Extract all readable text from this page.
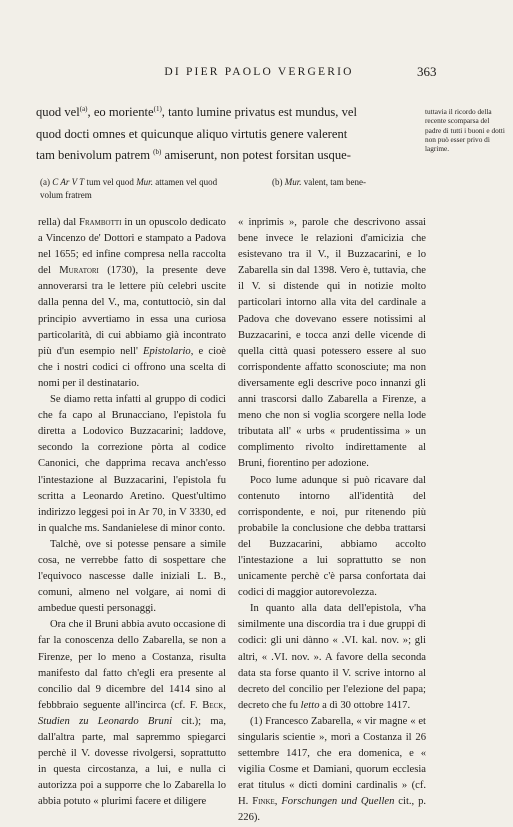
DI PIER PAOLO VERGERIO	363

quod vel$^{(a)}$, eo moriente$^{(1)}$, tanto lumine privatus est mundus, vel

quod docti omnes et quicunque aliquo virtutis genere valerent

tam benivolum patrem $^{(b)}$ amiserunt, non potest forsitan usque-

tuttavia il ricordo della recente scomparsa del padre di tutti i buoni e dotti non può esser privo di lagrime.
(a) C Ar V T tum vel quod Mur. attamen vel quod
volum fratrem
(b) Mur. valent, tam bene-

rella) dal Frambotti in un opuscolo dedicato a Vincenzo de' Dottori e stampato a Padova nel 1655; ed infine compresa nella raccolta del Muratori (1730), la presente deve annoverarsi tra le lettere più celebri uscite dalla penna del V., ma, contuttociò, sin dal principio avvertiamo in essa una curiosa particolarità, di cui abbiamo già incontrato più d'un esempio nell' Epistolario, e cioè che i nostri codici ci offrono una scelta di nomi per il destinatario.

Se diamo retta infatti al gruppo di codici che fa capo al Brunacciano, l'epistola fu diretta a Lodovico Buzzacarini; laddove, secondo la correzione pòrta al codice Canonici, che dapprima recava anch'esso l'intestazione al Buzzacarini, l'epistola fu scritta a Leonardo Aretino. Quest'ultimo indirizzo leggesi poi in Ar 70, in V 3330, ed in qualche ms. Sandanielese di minor conto.

Talchè, ove si potesse pensare a simile cosa, ne verrebbe fatto di sospettare che l'equivoco nascesse dalle iniziali L. B., comuni, almeno nel volgare, ai nomi di ambedue questi personaggi.

Ora che il Bruni abbia avuto occasione di far la conoscenza dello Zabarella, se non a Firenze, per lo meno a Costanza, risulta manifesto dal fatto ch'egli era presente al concilio dal 9 dicembre del 1414 sino al febbbraio seguente all'incirca (cf. F. Beck, Studien zu Leonardo Bruni cit.); ma, dall'altra parte, mal sapremmo spiegarci perchè il V. dovesse rivolgersi, soprattutto in questa circostanza, a lui, e nulla ci autorizza poi a supporre che lo Zabarella lo abbia potuto « plurimi facere et diligere

« inprimis », parole che descrivono assai bene invece le relazioni d'amicizia che esistevano tra il V., il Buzzacarini, e lo Zabarella sin dal 1398. Vero è, tuttavia, che il V. si distende qui in notizie molto particolari intorno alla vita del cardinale a Padova che dovevano essere notissimi al Buzzacarini, e tocca anzi delle vicende di quella città quasi potessero essere al suo corrispondente affatto sconosciute; ma non diversamente egli descrive poco innanzi gli anni trascorsi dallo Zabarella a Firenze, a meno che non si voglia scorgere nella lode tributata all' « urbs « prudentissima » un complimento rivolto indirettamente al Bruni, fiorentino per adozione.

Poco lume adunque si può ricavare dal contenuto intorno all'identità del corrispondente, e noi, pur ritenendo più probabile la conclusione che debba trattarsi del Buzzacarini, abbiamo accolto l'intestazione a lui soprattutto se non unicamente perchè c'è parsa confortata dai codici di maggior autorevolezza.

In quanto alla data dell'epistola, v'ha similmente una discordia tra i due gruppi di codici: gli uni dànno « .VI. kal. nov. »; gli altri, « .VI. nov. ». A favore della seconda data sta forse quanto il V. scrive intorno al decreto del concilio per l'elezione del papa; decreto che fu letto a dì 30 ottobre 1417.

(1) Francesco Zabarella, « vir magne « et singularis scientie », morì a Costanza il 26 settembre 1417, che era domenica, e « vigilia Cosme et Damiani, quorum ecclesia erat titulus « dicti domini cardinalis » (cf. H. Finke, Forschungen und Quellen cit., p. 226).
